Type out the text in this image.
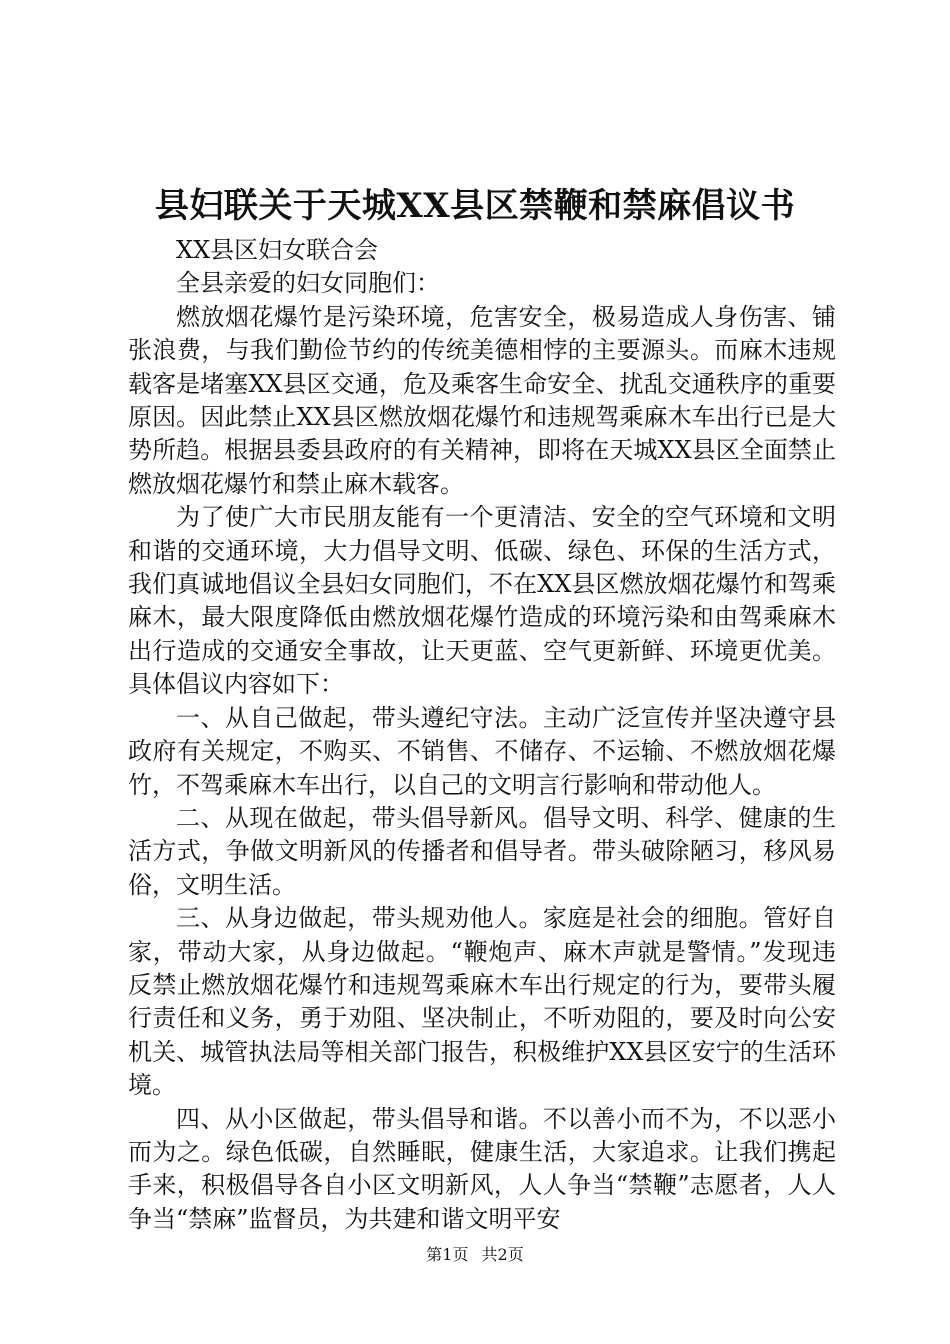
县妇联关于天城XX县区禁鞭和禁麻倡议书

XX县区妇女联合会

全县亲爱的妇女同胞们：

燃放烟花爆竹是污染环境，危害安全，极易造成人身伤害、铺张浪费，与我们勤俭节约的传统美德相悖的主要源头。而麻木违规载客是堵塞XX县区交通，危及乘客生命安全、扰乱交通秩序的重要原因。因此禁止XX县区燃放烟花爆竹和违规驾乘麻木车出行已是大势所趋。根据县委县政府的有关精神，即将在天城XX县区全面禁止燃放烟花爆竹和禁止麻木载客。

为了使广大市民朋友能有一个更清洁、安全的空气环境和文明和谐的交通环境，大力倡导文明、低碳、绿色、环保的生活方式，我们真诚地倡议全县妇女同胞们，不在XX县区燃放烟花爆竹和驾乘麻木，最大限度降低由燃放烟花爆竹造成的环境污染和由驾乘麻木出行造成的交通安全事故，让天更蓝、空气更新鲜、环境更优美。具体倡议内容如下：

一、从自己做起，带头遵纪守法。主动广泛宣传并坚决遵守县政府有关规定，不购买、不销售、不储存、不运输、不燃放烟花爆竹，不驾乘麻木车出行，以自己的文明言行影响和带动他人。

二、从现在做起，带头倡导新风。倡导文明、科学、健康的生活方式，争做文明新风的传播者和倡导者。带头破除陋习，移风易俗，文明生活。

三、从身边做起，带头规劝他人。家庭是社会的细胞。管好自家，带动大家，从身边做起。“鞭炮声、麻木声就是警情。”发现违反禁止燃放烟花爆竹和违规驾乘麻木车出行规定的行为，要带头履行责任和义务，勇于劝阻、坚决制止，不听劝阻的，要及时向公安机关、城管执法局等相关部门报告，积极维护XX县区安宁的生活环境。

四、从小区做起，带头倡导和谐。不以善小而不为，不以恶小而为之。绿色低碳，自然睡眠，健康生活，大家追求。让我们携起手来，积极倡导各自小区文明新风，人人争当“禁鞭”志愿者，人人争当“禁麻”监督员，为共建和谐文明平安

第1页 共2页
